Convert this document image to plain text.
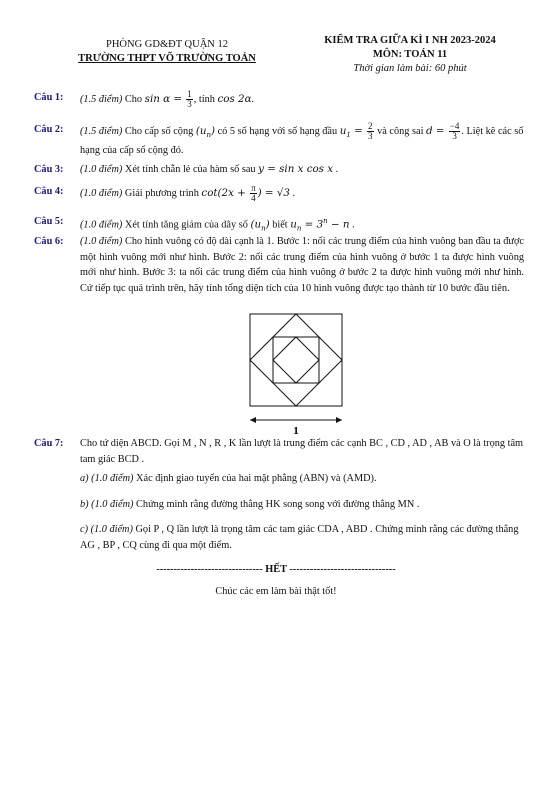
PHÒNG GD&ĐT QUẬN 12
TRƯỜNG THPT VÕ TRƯỜNG TOẢN
KIỂM TRA GIỮA KÌ I NH 2023-2024
MÔN: TOÁN 11
Thời gian làm bài: 60 phút
Câu 1: (1.5 điểm) Cho $\sin \alpha = \frac{1}{3}$ , tính cos 2α.
Câu 2: (1.5 điểm) Cho cấp số cộng $(u_n)$ có 5 số hạng với số hạng đầu $u_1 = \frac{2}{3}$ và công sai $d = \frac{-4}{3}$ . Liệt kê các số hạng của cấp số cộng đó.
Câu 3: (1.0 điểm) Xét tính chẵn lẻ của hàm số sau y = sin x cos x .
Câu 4: (1.0 điểm) Giải phương trình $\cot(2x + \frac{\pi}{4}$ ) = √3 .
Câu 5: (1.0 điểm) Xét tính tăng giảm của dãy số $(u_n)$ biết $u_n = 3^n - n$ .
Câu 6: (1.0 điểm) Cho hình vuông có độ dài cạnh là 1. Bước 1: nối các trung điểm của hình vuông ban đầu ta được một hình vuông mới như hình. Bước 2: nối các trung điểm của hình vuông ở bước 1 ta được hình vuông mới như hình. Bước 3: ta nối các trung điểm của hình vuông ở bước 2 ta được hình vuông mới như hình. Cứ tiếp tục quá trình trên, hãy tính tổng diện tích của 10 hình vuông được tạo thành từ 10 bước đầu tiên.
1
Câu 7: Cho tứ diện ABCD. Gọi M , N , R , K lần lượt là trung điểm các cạnh BC , CD , AD , AB và O là trọng tâm tam giác BCD .
a) (1.0 điểm) Xác định giao tuyến của hai mặt phẳng (ABN) và (AMD).
b) (1.0 điểm) Chứng minh rằng đường thẳng HK song song với đường thẳng MN .
c) (1.0 điểm) Gọi P , Q lần lượt là trọng tâm các tam giác CDA , ABD . Chứng minh rằng các đường thẳng AG , BP , CQ cùng đi qua một điểm.
------------------------------- HẾT -------------------------------
Chúc các em làm bài thật tốt!
